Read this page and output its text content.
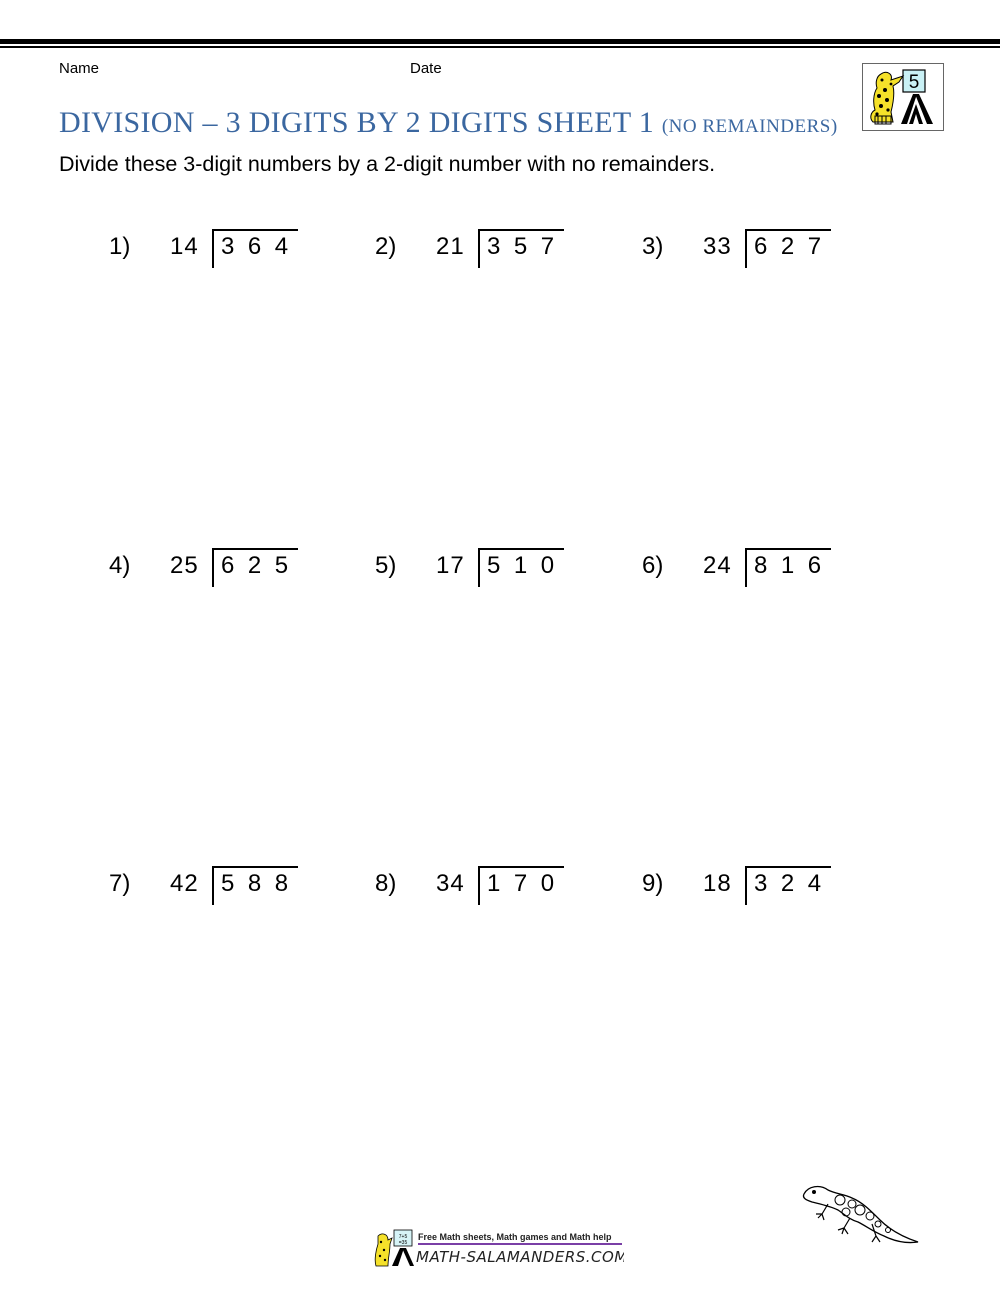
Name	Date
5
DIVISION – 3 DIGITS BY 2 DIGITS SHEET 1 (NO REMAINDERS)
Divide these 3-digit numbers by a 2-digit number with no remainders.
1) 14 364	2) 21 357	3) 33 627
4) 25 625	5) 17 510	6) 24 816
7) 42 588	8) 34 170	9) 18 324
7+5
=35
Free Math sheets, Math games and Math help
MATH-SALAMANDERS.COM
